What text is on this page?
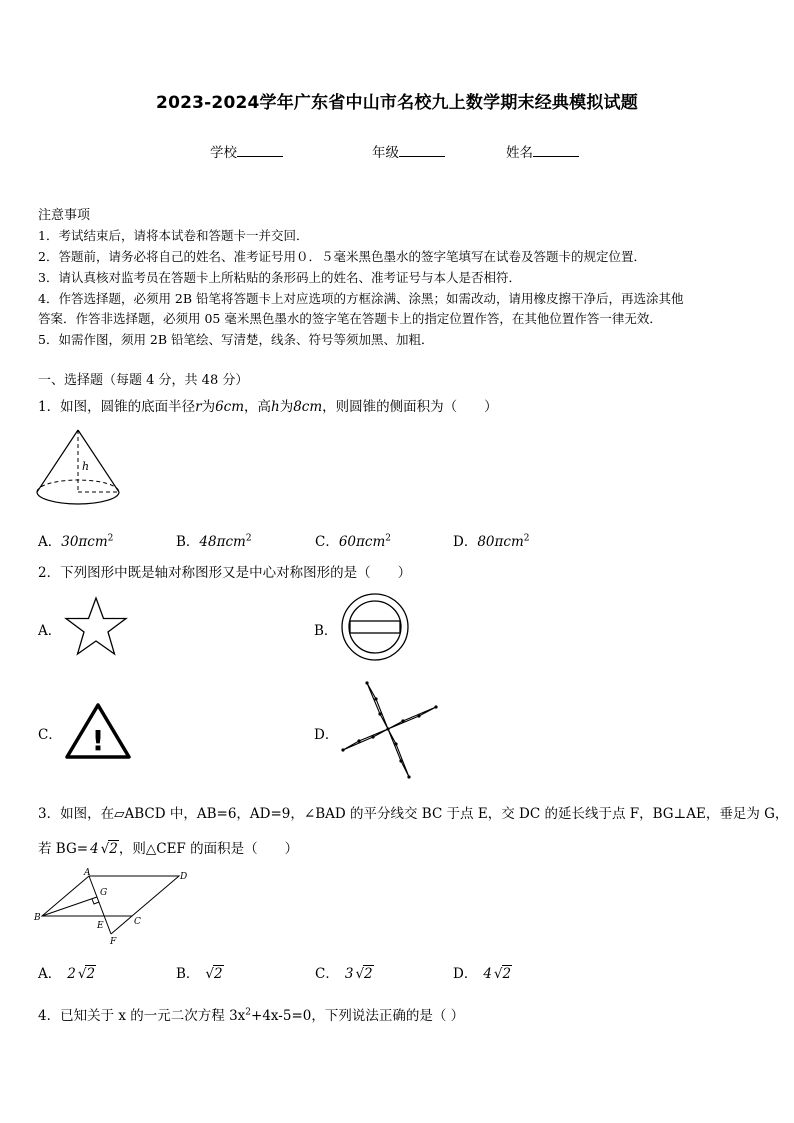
2023-2024学年广东省中山市名校九上数学期末经典模拟试题
学校	年级	姓名
注意事项
1．考试结束后，请将本试卷和答题卡一并交回．
2．答题前，请务必将自己的姓名、准考证号用０．５毫米黑色墨水的签字笔填写在试卷及答题卡的规定位置．
3．请认真核对监考员在答题卡上所粘贴的条形码上的姓名、准考证号与本人是否相符．
4．作答选择题，必须用 2B 铅笔将答题卡上对应选项的方框涂满、涂黑；如需改动，请用橡皮擦干净后，再选涂其他
答案．作答非选择题，必须用 05 毫米黑色墨水的签字笔在答题卡上的指定位置作答，在其他位置作答一律无效．
5．如需作图，须用 2B 铅笔绘、写清楚，线条、符号等须加黑、加粗．
一、选择题（每题 4 分，共 48 分）
1．如图，圆锥的底面半径r为6cm，高h为8cm，则圆锥的侧面积为（　　）
h
A．30πcm$^2$	B．48πcm$^2$	C．60πcm$^2$	D．80πcm$^2$
2．下列图形中既是轴对称图形又是中心对称图形的是（　　）
A．	B．
C． !	D．
3．如图，在▱ABCD 中，AB=6，AD=9，∠BAD 的平分线交 BC 于点 E，交 DC 的延长线于点 F，BG⊥AE，垂足为 G，
若 BG= 4 √2，则△CEF 的面积是（　　）
A	D
G
B
E	C
F
A． 2 √2	B． √2	C． 3 √2	D． 4 √2
4．已知关于 x 的一元二次方程 $3x^2+4x-5=0$，下列说法正确的是（ ）
